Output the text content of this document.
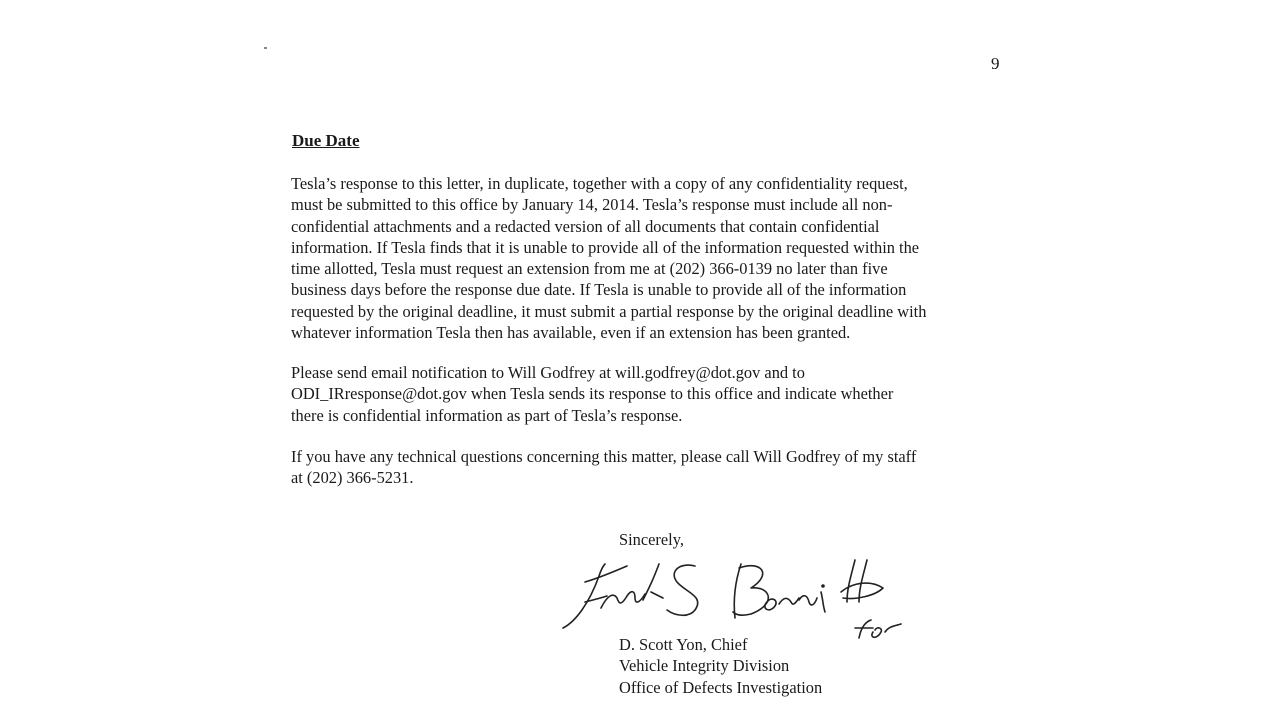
9
Due Date

Tesla’s response to this letter, in duplicate, together with a copy of any confidentiality request,
must be submitted to this office by January 14, 2014. Tesla’s response must include all non-
confidential attachments and a redacted version of all documents that contain confidential
information. If Tesla finds that it is unable to provide all of the information requested within the
time allotted, Tesla must request an extension from me at (202) 366-0139 no later than five
business days before the response due date. If Tesla is unable to provide all of the information
requested by the original deadline, it must submit a partial response by the original deadline with
whatever information Tesla then has available, even if an extension has been granted.

Please send email notification to Will Godfrey at will.godfrey@dot.gov and to
ODI_IRresponse@dot.gov when Tesla sends its response to this office and indicate whether
there is confidential information as part of Tesla’s response.

If you have any technical questions concerning this matter, please call Will Godfrey of my staff
at (202) 366-5231.

Sincerely,
D. Scott Yon, Chief
Vehicle Integrity Division
Office of Defects Investigation
